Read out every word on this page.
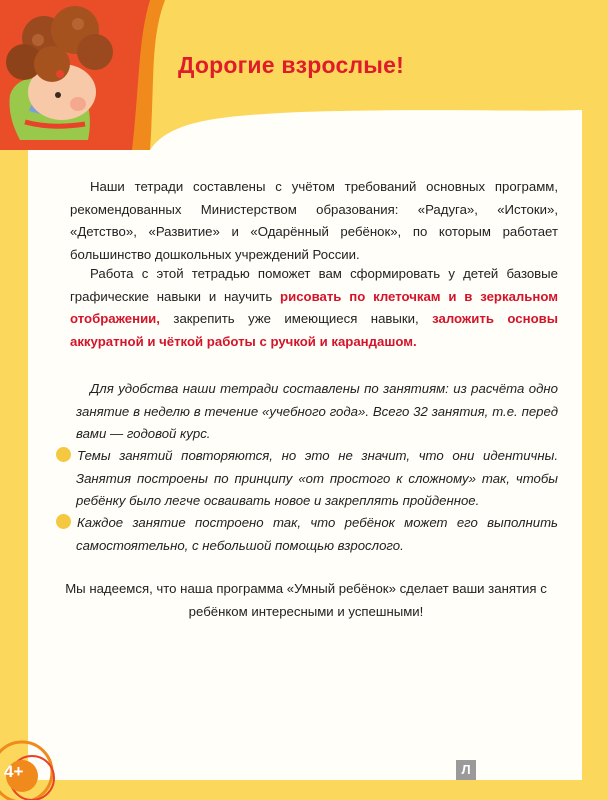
Дорогие взрослые!

Наши тетради составлены с учётом требований основных программ, рекомендованных Министерством образования: «Радуга», «Истоки», «Детство», «Развитие» и «Одарённый ребёнок», по которым работает большинство дошкольных учреждений России.

Работа с этой тетрадью поможет вам сформировать у детей базовые графические навыки и научить рисовать по клеточкам и в зеркальном отображении, закрепить уже имеющиеся навыки, заложить основы аккуратной и чёткой работы с ручкой и карандашом.

Для удобства наши тетради составлены по занятиям: из расчёта одно занятие в неделю в течение «учебного года». Всего 32 занятия, т.е. перед вами — годовой курс.

Темы занятий повторяются, но это не значит, что они идентичны. Занятия построены по принципу «от простого к сложному» так, чтобы ребёнку было легче осваивать новое и закреплять пройденное.

Каждое занятие построено так, что ребёнок может его выполнить самостоятельно, с небольшой помощью взрослого.

Мы надеемся, что наша программа «Умный ребёнок» сделает ваши занятия с ребёнком интересными и успешными!

4+	Л
